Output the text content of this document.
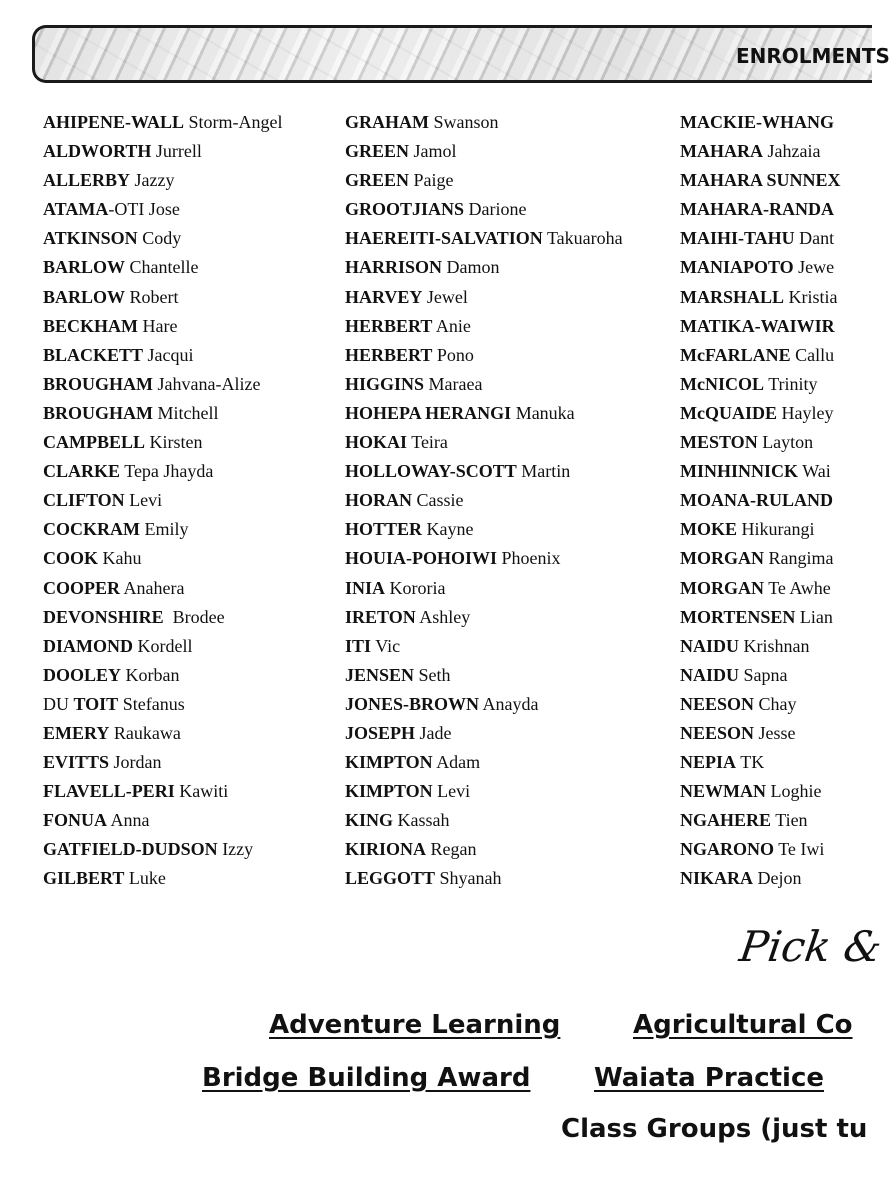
ENROLMENTS
AHIPENE-WALL Storm-Angel
ALDWORTH Jurrell
ALLERBY Jazzy
ATAMA-OTI Jose
ATKINSON Cody
BARLOW Chantelle
BARLOW Robert
BECKHAM Hare
BLACKETT Jacqui
BROUGHAM Jahvana-Alize
BROUGHAM Mitchell
CAMPBELL Kirsten
CLARKE Tepa Jhayda
CLIFTON Levi
COCKRAM Emily
COOK Kahu
COOPER Anahera
DEVONSHIRE  Brodee
DIAMOND Kordell
DOOLEY Korban
DU TOIT Stefanus
EMERY Raukawa
EVITTS Jordan
FLAVELL-PERI Kawiti
FONUA Anna
GATFIELD-DUDSON Izzy
GILBERT Luke
GRAHAM Swanson
GREEN Jamol
GREEN Paige
GROOTJIANS Darione
HAEREITI-SALVATION Takuaroha
HARRISON Damon
HARVEY Jewel
HERBERT Anie
HERBERT Pono
HIGGINS Maraea
HOHEPA HERANGI Manuka
HOKAI Teira
HOLLOWAY-SCOTT Martin
HORAN Cassie
HOTTER Kayne
HOUIA-POHOIWI Phoenix
INIA Kororia
IRETON Ashley
ITI Vic
JENSEN Seth
JONES-BROWN Anayda
JOSEPH Jade
KIMPTON Adam
KIMPTON Levi
KING Kassah
KIRIONA Regan
LEGGOTT Shyanah
MACKIE-WHANG
MAHARA Jahzaia
MAHARA SUNNEX
MAHARA-RANDA
MAIHI-TAHU Dant
MANIAPOTO Jewe
MARSHALL Kristia
MATIKA-WAIWIR
McFARLANE Callu
McNICOL Trinity
McQUAIDE Hayley
MESTON Layton
MINHINNICK Wai
MOANA-RULAND
MOKE Hikurangi
MORGAN Rangima
MORGAN Te Awhe
MORTENSEN Lian
NAIDU Krishnan
NAIDU Sapna
NEESON Chay
NEESON Jesse
NEPIA TK
NEWMAN Loghie
NGAHERE Tien
NGARONO Te Iwi
NIKARA Dejon
Pick &
Adventure Learning	Agricultural Co
Bridge Building Award Waiata Practice
Class Groups (just tu
